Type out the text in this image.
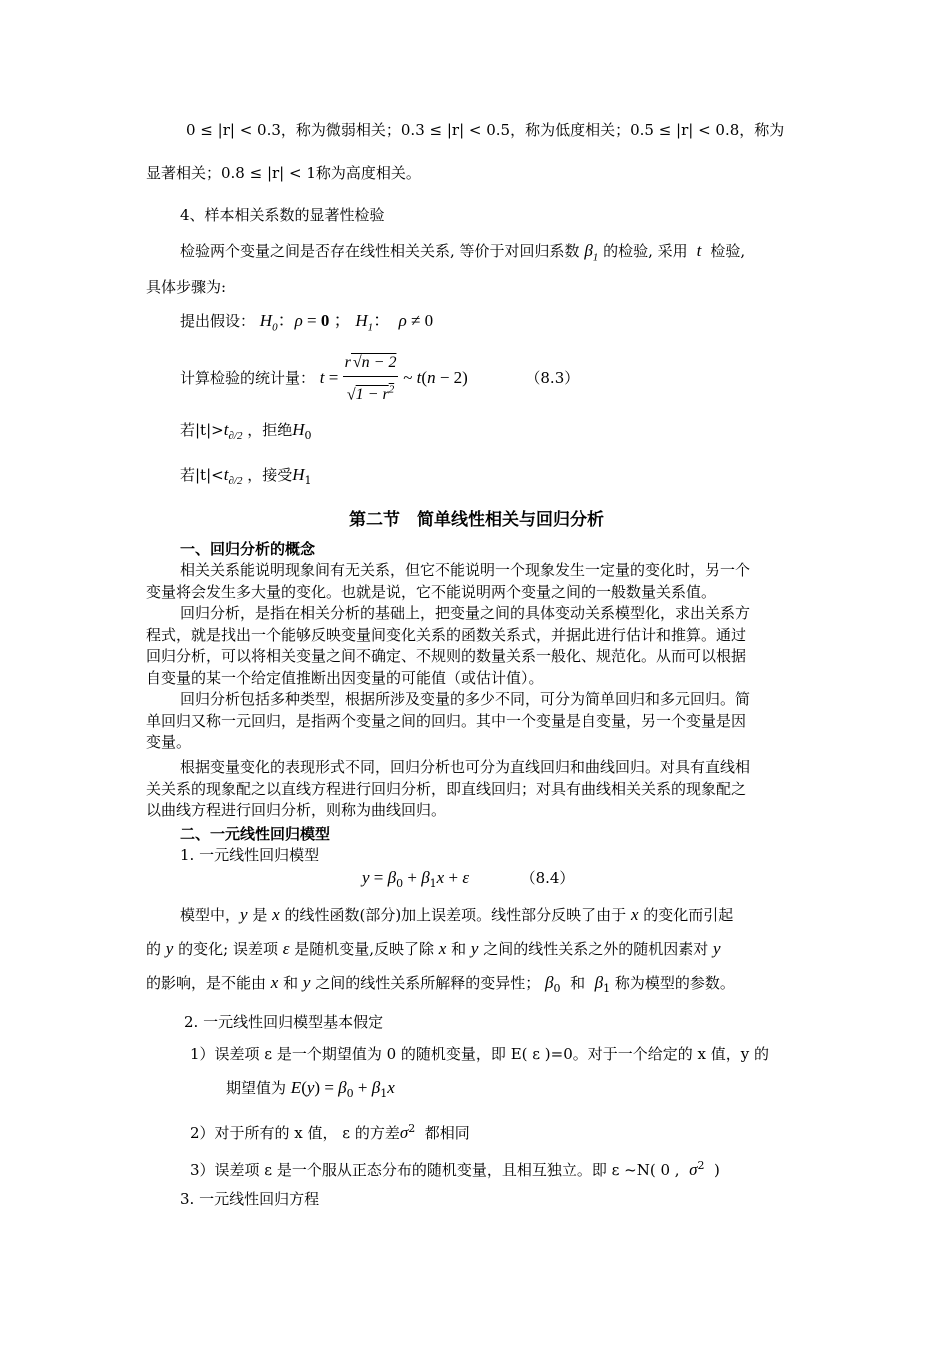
0 ≤ |r| < 0.3，称为微弱相关；0.3 ≤ |r| < 0.5，称为低度相关；0.5 ≤ |r| < 0.8，称为
显著相关；0.8 ≤ |r| < 1称为高度相关。
4、样本相关系数的显著性检验
检验两个变量之间是否存在线性相关关系, 等价于对回归系数 $\beta_1$ 的检验, 采用  t  检验,
具体步骤为:
提出假设： $H_0$：ρ = 0 ； $H_1$：  ρ ≠ 0
计算检验的统计量： $t = \frac{r √n - 2}{√1 - r^2}$ ~ t(n − 2)	（8.3）
若$|t|>t_{\partial/2}$ ，拒绝$H_0$
若$|t|<t_{\partial/2}$ ，接受$H_1$
第二节　简单线性相关与回归分析
一、回归分析的概念
相关关系能说明现象间有无关系，但它不能说明一个现象发生一定量的变化时，另一个
变量将会发生多大量的变化。也就是说，它不能说明两个变量之间的一般数量关系值。
回归分析，是指在相关分析的基础上，把变量之间的具体变动关系模型化，求出关系方
程式，就是找出一个能够反映变量间变化关系的函数关系式，并据此进行估计和推算。通过
回归分析，可以将相关变量之间不确定、不规则的数量关系一般化、规范化。从而可以根据
自变量的某一个给定值推断出因变量的可能值（或估计值）。
回归分析包括多种类型，根据所涉及变量的多少不同，可分为简单回归和多元回归。简
单回归又称一元回归，是指两个变量之间的回归。其中一个变量是自变量，另一个变量是因
变量。
根据变量变化的表现形式不同，回归分析也可分为直线回归和曲线回归。对具有直线相
关关系的现象配之以直线方程进行回归分析，即直线回归；对具有曲线相关关系的现象配之
以曲线方程进行回归分析，则称为曲线回归。
二、一元线性回归模型
1. 一元线性回归模型
$y = \beta_0 + \beta_1x + \varepsilon$	（8.4）
模型中，y 是 x 的线性函数(部分)加上误差项。线性部分反映了由于 x 的变化而引起
的 y 的变化; 误差项 ε 是随机变量,反映了除 x 和 y 之间的线性关系之外的随机因素对 y
的影响，是不能由 x 和 y 之间的线性关系所解释的变异性； $\beta_0$ 和 $\beta_1$ 称为模型的参数。
2. 一元线性回归模型基本假定
1）误差项 ε 是一个期望值为 0 的随机变量，即 E( ε )=0。对于一个给定的 x 值，y 的
期望值为 $E(y) = \beta_0 + \beta_1x$
2）对于所有的 x 值， ε 的方差$\sigma^2$ 都相同
3）误差项 ε 是一个服从正态分布的随机变量，且相互独立。即 ε ~N( 0 , $\sigma^2$ )
3. 一元线性回归方程
